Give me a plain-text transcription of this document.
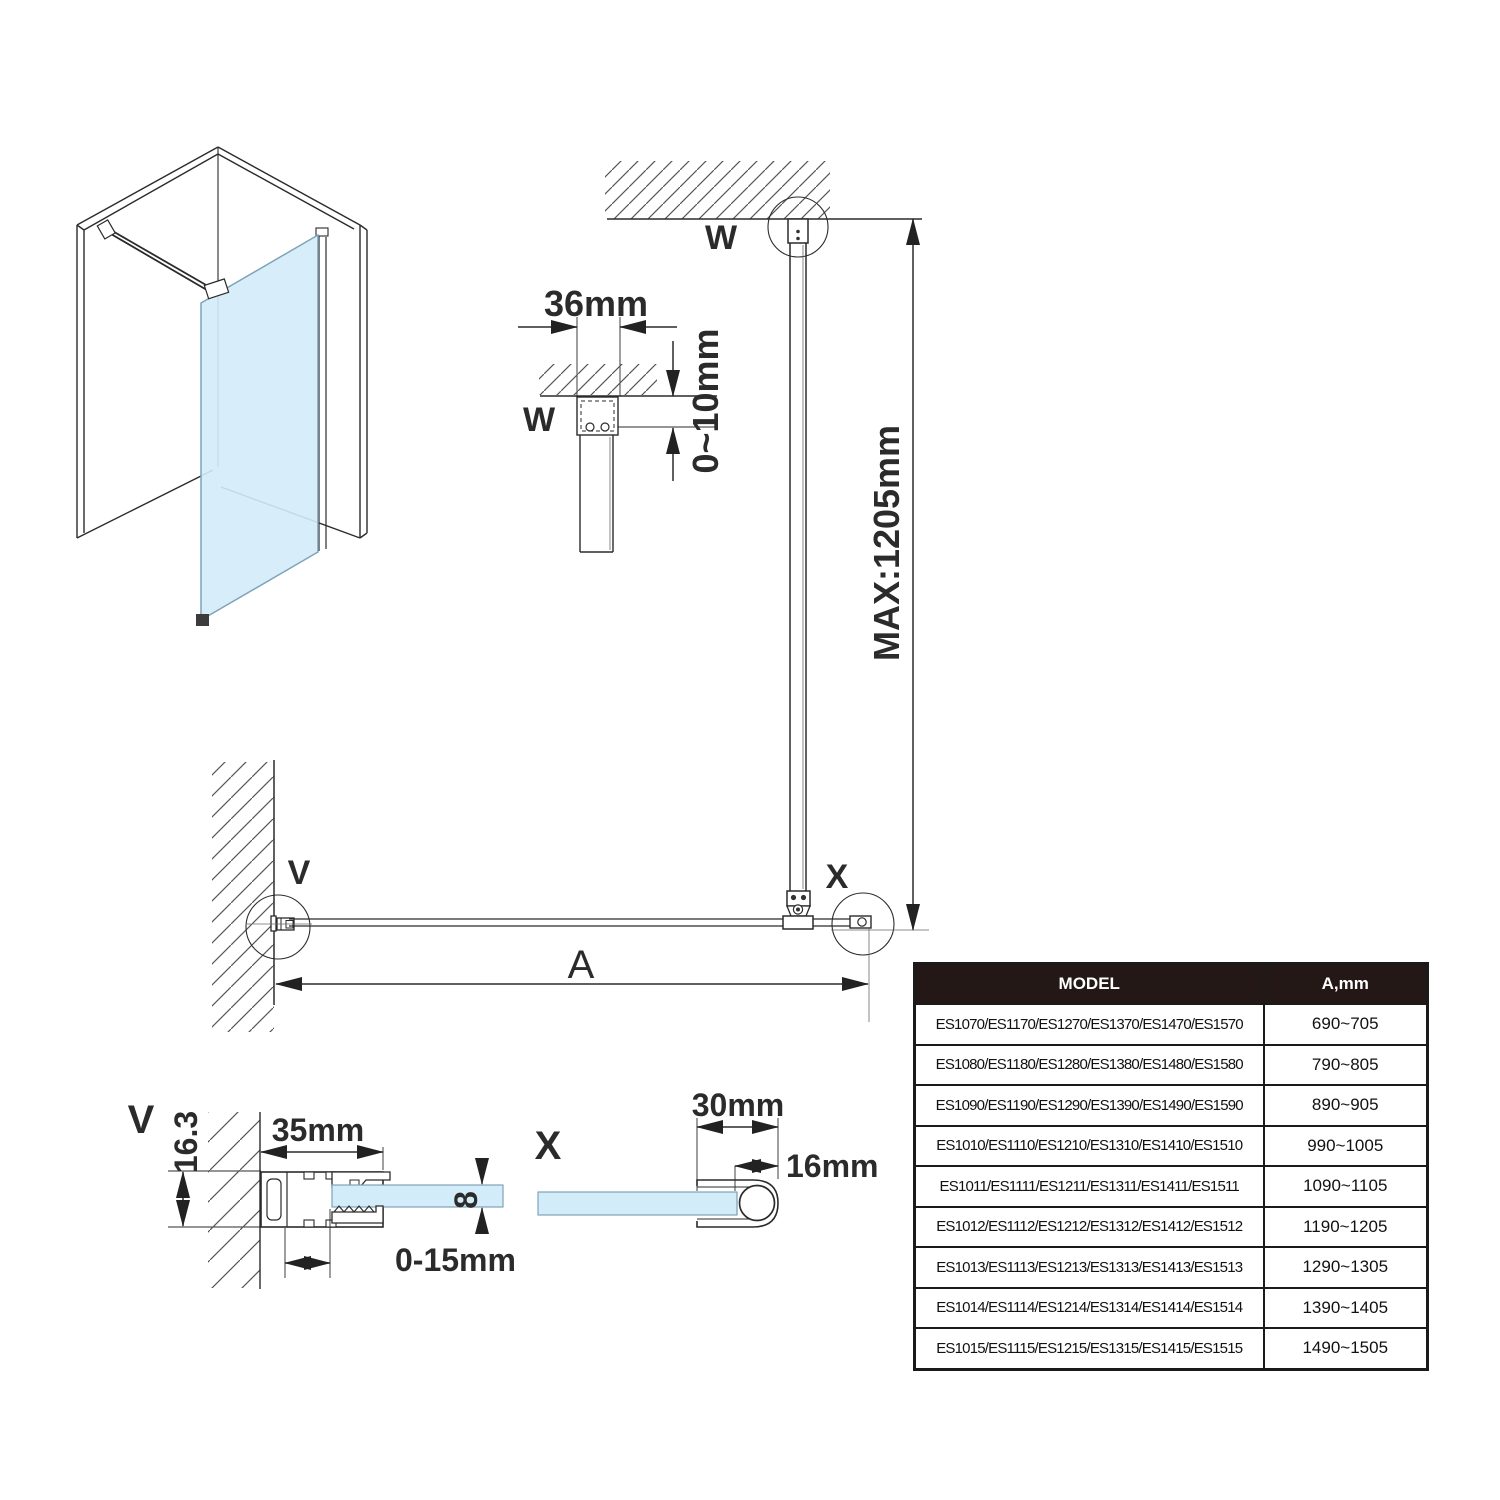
MAX:1205mm
W
36mm
W	0~10mm
V	X
A
V 16.3 35mm
8
0-15mm
X
30mm
16mm
MODEL	A,mm
ES1070/ES1170/ES1270/ES1370/ES1470/ES1570	690~705
ES1080/ES1180/ES1280/ES1380/ES1480/ES1580	790~805
ES1090/ES1190/ES1290/ES1390/ES1490/ES1590	890~905
ES1010/ES1110/ES1210/ES1310/ES1410/ES1510	990~1005
ES1011/ES1111/ES1211/ES1311/ES1411/ES1511	1090~1105
ES1012/ES1112/ES1212/ES1312/ES1412/ES1512	1190~1205
ES1013/ES1113/ES1213/ES1313/ES1413/ES1513	1290~1305
ES1014/ES1114/ES1214/ES1314/ES1414/ES1514	1390~1405
ES1015/ES1115/ES1215/ES1315/ES1415/ES1515	1490~1505
